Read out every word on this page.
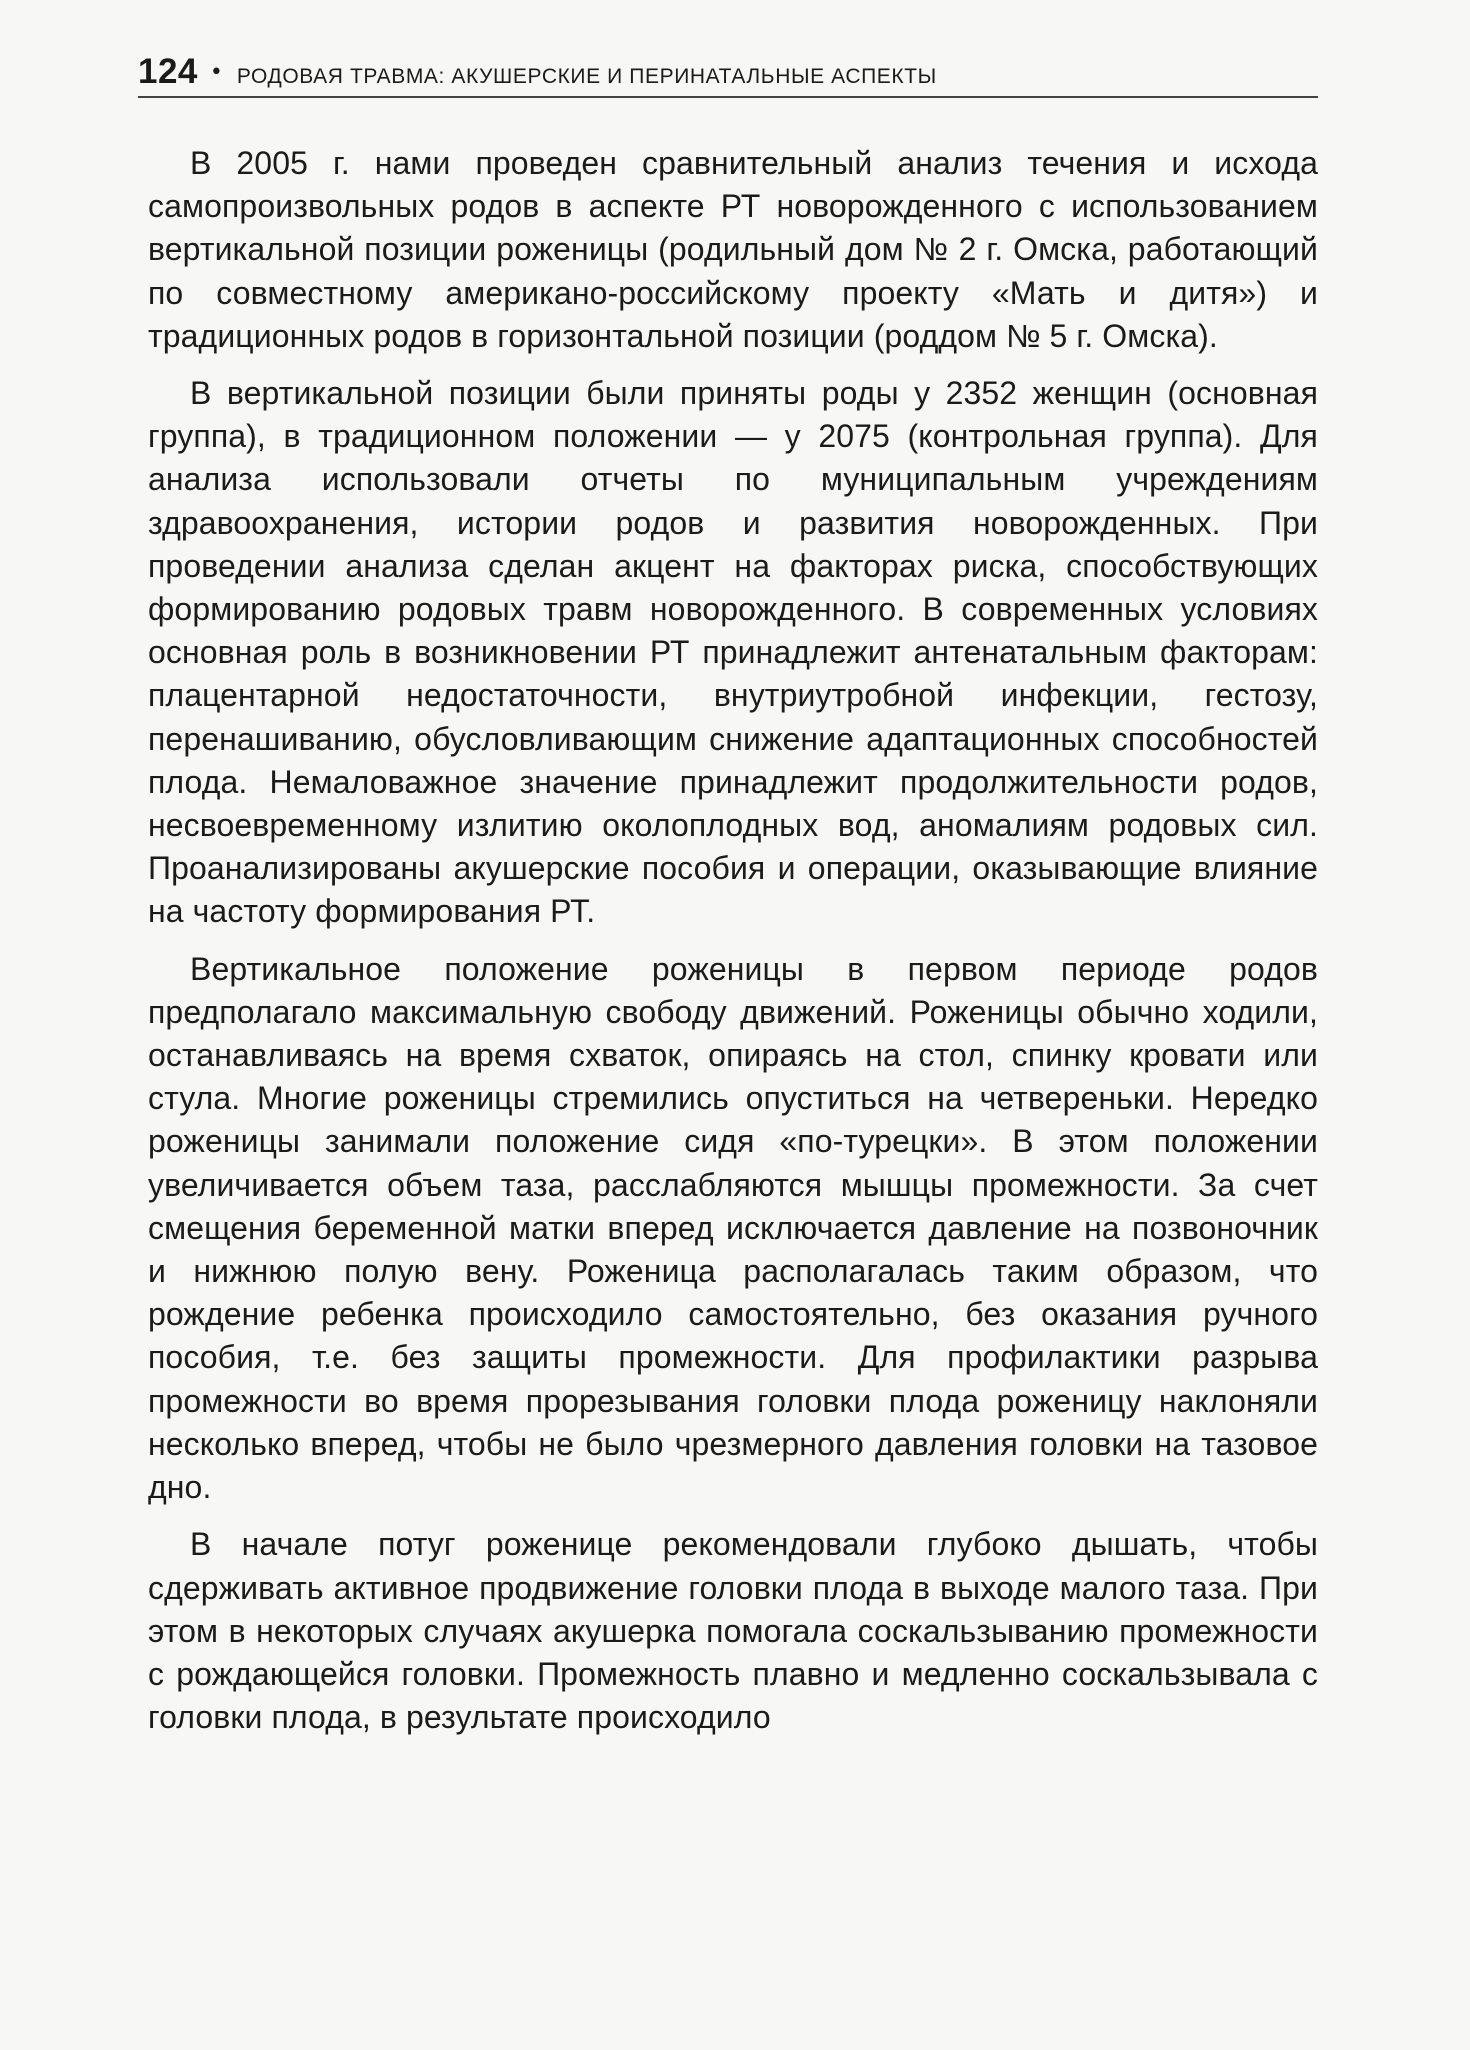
124 • РОДОВАЯ ТРАВМА: АКУШЕРСКИЕ И ПЕРИНАТАЛЬНЫЕ АСПЕКТЫ

В 2005 г. нами проведен сравнительный анализ течения и исхода самопроизвольных родов в аспекте РТ новорожденного с использованием вертикальной позиции роженицы (родильный дом № 2 г. Омска, работающий по совместному американо-российскому проекту «Мать и дитя») и традиционных родов в горизонтальной позиции (роддом № 5 г. Омска).

В вертикальной позиции были приняты роды у 2352 женщин (основная группа), в традиционном положении — у 2075 (контрольная группа). Для анализа использовали отчеты по муниципальным учреждениям здравоохранения, истории родов и развития новорожденных. При проведении анализа сделан акцент на факторах риска, способствующих формированию родовых травм новорожденного. В современных условиях основная роль в возникновении РТ принадлежит антенатальным факторам: плацентарной недостаточности, внутриутробной инфекции, гестозу, перенашиванию, обусловливающим снижение адаптационных способностей плода. Немаловажное значение принадлежит продолжительности родов, несвоевременному излитию околоплодных вод, аномалиям родовых сил. Проанализированы акушерские пособия и операции, оказывающие влияние на частоту формирования РТ.

Вертикальное положение роженицы в первом периоде родов предполагало максимальную свободу движений. Роженицы обычно ходили, останавливаясь на время схваток, опираясь на стол, спинку кровати или стула. Многие роженицы стремились опуститься на четвереньки. Нередко роженицы занимали положение сидя «по-турецки». В этом положении увеличивается объем таза, расслабляются мышцы промежности. За счет смещения беременной матки вперед исключается давление на позвоночник и нижнюю полую вену. Роженица располагалась таким образом, что рождение ребенка происходило самостоятельно, без оказания ручного пособия, т.е. без защиты промежности. Для профилактики разрыва промежности во время прорезывания головки плода роженицу наклоняли несколько вперед, чтобы не было чрезмерного давления головки на тазовое дно.

В начале потуг роженице рекомендовали глубоко дышать, чтобы сдерживать активное продвижение головки плода в выходе малого таза. При этом в некоторых случаях акушерка помогала соскальзыванию промежности с рождающейся головки. Промежность плавно и медленно соскальзывала с головки плода, в результате происходило
